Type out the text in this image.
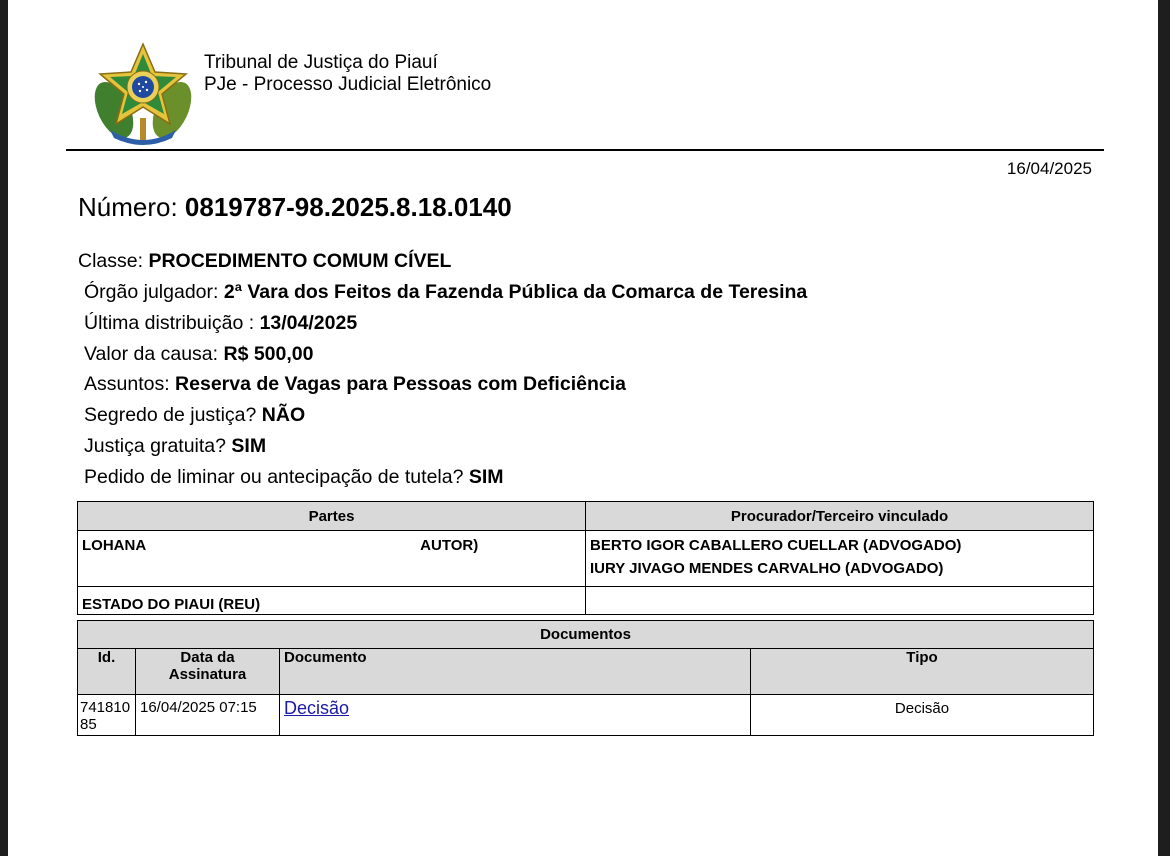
Tribunal de Justiça do Piauí
PJe - Processo Judicial Eletrônico
16/04/2025
Número: 0819787-98.2025.8.18.0140
Classe: PROCEDIMENTO COMUM CÍVEL
Órgão julgador: 2ª Vara dos Feitos da Fazenda Pública da Comarca de Teresina
Última distribuição : 13/04/2025
Valor da causa: R$ 500,00
Assuntos: Reserva de Vagas para Pessoas com Deficiência
Segredo de justiça? NÃO
Justiça gratuita? SIM
Pedido de liminar ou antecipação de tutela? SIM
Partes	Procurador/Terceiro vinculado

LOHANA AUTOR)	BERTO IGOR CABALLERO CUELLAR (ADVOGADO)
IURY JIVAGO MENDES CARVALHO (ADVOGADO)

ESTADO DO PIAUI (REU)	
Documentos			
Id.	Data da Assinatura	Documento	Tipo
74181085	16/04/2025 07:15	Decisão	Decisão
